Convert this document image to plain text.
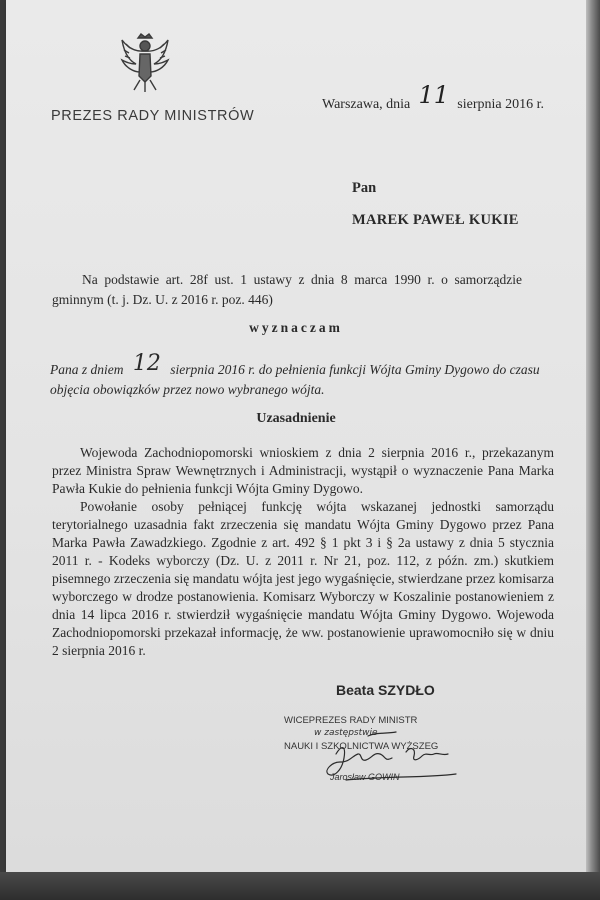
PREZES RADY MINISTRÓW
Warszawa, dnia 11 sierpnia 2016 r.
Pan
MAREK PAWEŁ KUKIE
Na podstawie art. 28f ust. 1 ustawy z dnia 8 marca 1990 r. o samorządzie gminnym (t. j. Dz. U. z 2016 r. poz. 446)
wyznaczam
Pana z dniem 12 sierpnia 2016 r. do pełnienia funkcji Wójta Gminy Dygowo do czasu objęcia obowiązków przez nowo wybranego wójta.
Uzasadnienie

Wojewoda Zachodniopomorski wnioskiem z dnia 2 sierpnia 2016 r., przekazanym przez Ministra Spraw Wewnętrznych i Administracji, wystąpił o wyznaczenie Pana Marka Pawła Kukie do pełnienia funkcji Wójta Gminy Dygowo.

Powołanie osoby pełniącej funkcję wójta wskazanej jednostki samorządu terytorialnego uzasadnia fakt zrzeczenia się mandatu Wójta Gminy Dygowo przez Pana Marka Pawła Zawadzkiego. Zgodnie z art. 492 § 1 pkt 3 i § 2a ustawy z dnia 5 stycznia 2011 r. - Kodeks wyborczy (Dz. U. z 2011 r. Nr 21, poz. 112, z późn. zm.) skutkiem pisemnego zrzeczenia się mandatu wójta jest jego wygaśnięcie, stwierdzane przez komisarza wyborczego w drodze postanowienia. Komisarz Wyborczy w Koszalinie postanowieniem z dnia 14 lipca 2016 r. stwierdził wygaśnięcie mandatu Wójta Gminy Dygowo. Wojewoda Zachodniopomorski przekazał informację, że ww. postanowienie uprawomocniło się w dniu 2 sierpnia 2016 r.

Beata SZYDŁO
WICEPREZES RADY MINISTR
w zastępstwie
NAUKI I SZKOLNICTWA WYŻSZEG
Jarosław GOWIN
